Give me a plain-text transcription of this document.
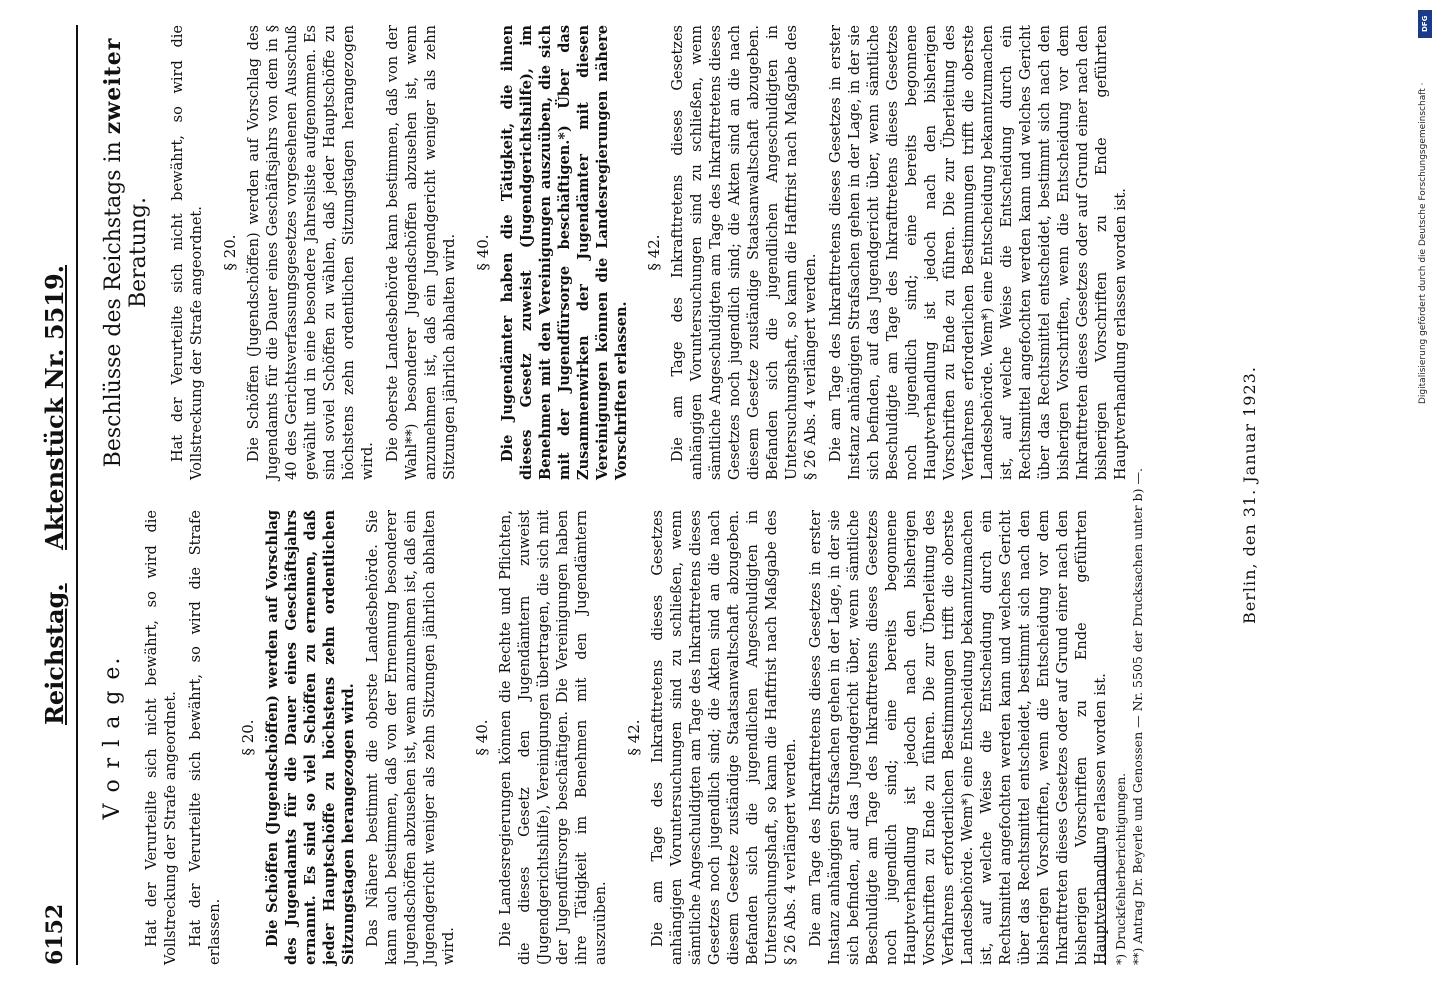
6152
Reichstag.    Aktenstück Nr. 5519.
V o r l a g e. Hat der Verurteilte sich nicht bewährt, so wird die Vollstreckung der Strafe angeordnet. Hat der Verurteilte sich bewährt, so wird die Strafe erlassen.

§ 20. Die Schöffen (Jugendschöffen) werden auf Vorschlag des Jugendamts für die Dauer eines Geschäftsjahrs ernannt. Es sind so viel Schöffen zu ernennen, daß jeder Hauptschöffe zu höchstens zehn ordentlichen Sitzungstagen herangezogen wird. Das Nähere bestimmt die oberste Landesbehörde. Sie kann auch bestimmen, daß von der Ernennung besonderer Jugendschöffen abzusehen ist, wenn anzunehmen ist, daß ein Jugendgericht weniger als zehn Sitzungen jährlich abhalten wird.

§ 40. Die Landesregierungen können die Rechte und Pflichten, die dieses Gesetz den Jugendämtern zuweist (Jugendgerichtshilfe), Vereinigungen übertragen, die sich mit der Jugendfürsorge beschäftigen. Die Vereinigungen haben ihre Tätigkeit im Benehmen mit den Jugendämtern auszuüben.

§ 42. Die am Tage des Inkrafttretens dieses Gesetzes anhängigen Voruntersuchungen sind zu schließen, wenn sämtliche Angeschuldigten am Tage des Inkrafttretens dieses Gesetzes noch jugendlich sind; die Akten sind an die nach diesem Gesetze zuständige Staatsanwaltschaft abzugeben. Befanden sich die jugendlichen Angeschuldigten in Untersuchungshaft, so kann die Haftfrist nach Maßgabe des § 26 Abs. 4 verlängert werden. Die am Tage des Inkrafttretens dieses Gesetzes in erster Instanz anhängigen Strafsachen gehen in der Lage, in der sie sich befinden, auf das Jugendgericht über, wenn sämtliche Beschuldigte am Tage des Inkrafttretens dieses Gesetzes noch jugendlich sind; eine bereits begonnene Hauptverhandlung ist jedoch nach den bisherigen Vorschriften zu Ende zu führen. Die zur Überleitung des Verfahrens erforderlichen Bestimmungen trifft die oberste Landesbehörde. Wem*) eine Entscheidung bekanntzumachen ist, auf welche Weise die Entscheidung durch ein Rechtsmittel angefochten werden kann und welches Gericht über das Rechtsmittel entscheidet, bestimmt sich nach den bisherigen Vorschriften, wenn die Entscheidung vor dem Inkrafttreten dieses Gesetzes oder auf Grund einer nach den bisherigen Vorschriften zu Ende geführten Hauptverhandlung erlassen worden ist.

Beschlüsse des Reichstags in zweiter Beratung. Hat der Verurteilte sich nicht bewährt, so wird die Vollstreckung der Strafe angeordnet. § 20. Die Schöffen (Jugendschöffen) werden auf Vorschlag des Jugendamts für die Dauer eines Geschäftsjahrs von dem in § 40 des Gerichtsverfassungsgesetzes vorgesehenen Ausschuß gewählt und in eine besondere Jahresliste aufgenommen. Es sind soviel Schöffen zu wählen, daß jeder Hauptschöffe zu höchstens zehn ordentlichen Sitzungstagen herangezogen wird. Die oberste Landesbehörde kann bestimmen, daß von der Wahl**) besonderer Jugendschöffen abzusehen ist, wenn anzunehmen ist, daß ein Jugendgericht weniger als zehn Sitzungen jährlich abhalten wird. § 40. Die Jugendämter haben die Tätigkeit, die ihnen dieses Gesetz zuweist (Jugendgerichtshilfe), im Benehmen mit den Vereinigungen auszuüben, die sich mit der Jugendfürsorge beschäftigen.*) Über das Zusammenwirken der Jugendämter mit diesen Vereinigungen können die Landesregierungen nähere Vorschriften erlassen.

§ 42. Die am Tage des Inkrafttretens dieses Gesetzes anhängigen Voruntersuchungen sind zu schließen, wenn sämtliche Angeschuldigten am Tage des Inkrafttretens dieses Gesetzes noch jugendlich sind; die Akten sind an die nach diesem Gesetze zuständige Staatsanwaltschaft abzugeben. Befanden sich die jugendlichen Angeschuldigten in Untersuchungshaft, so kann die Haftfrist nach Maßgabe des § 26 Abs. 4 verlängert werden. Die am Tage des Inkrafttretens dieses Gesetzes in erster Instanz anhängigen Strafsachen gehen in der Lage, in der sie sich befinden, auf das Jugendgericht über, wenn sämtliche Beschuldigte am Tage des Inkrafttretens dieses Gesetzes noch jugendlich sind; eine bereits begonnene Hauptverhandlung ist jedoch nach den bisherigen Vorschriften zu Ende zu führen. Die zur Überleitung des Verfahrens erforderlichen Bestimmungen trifft die oberste Landesbehörde. Wem*) eine Entscheidung bekanntzumachen ist, auf welche Weise die Entscheidung durch ein Rechtsmittel angefochten werden kann und welches Gericht über das Rechtsmittel entscheidet, bestimmt sich nach den bisherigen Vorschriften, wenn die Entscheidung vor dem Inkrafttreten dieses Gesetzes oder auf Grund einer nach den bisherigen Vorschriften zu Ende geführten Hauptverhandlung erlassen worden ist.

*) Druckfehlerberichtigungen. **) Antrag Dr. Beyerle und Genossen — Nr. 5505 der Drucksachen unter b) —.	Berlin, den 31. Januar 1923.
DFG
Digitalisierung gefördert durch die Deutsche Forschungsgemeinschaft ·
